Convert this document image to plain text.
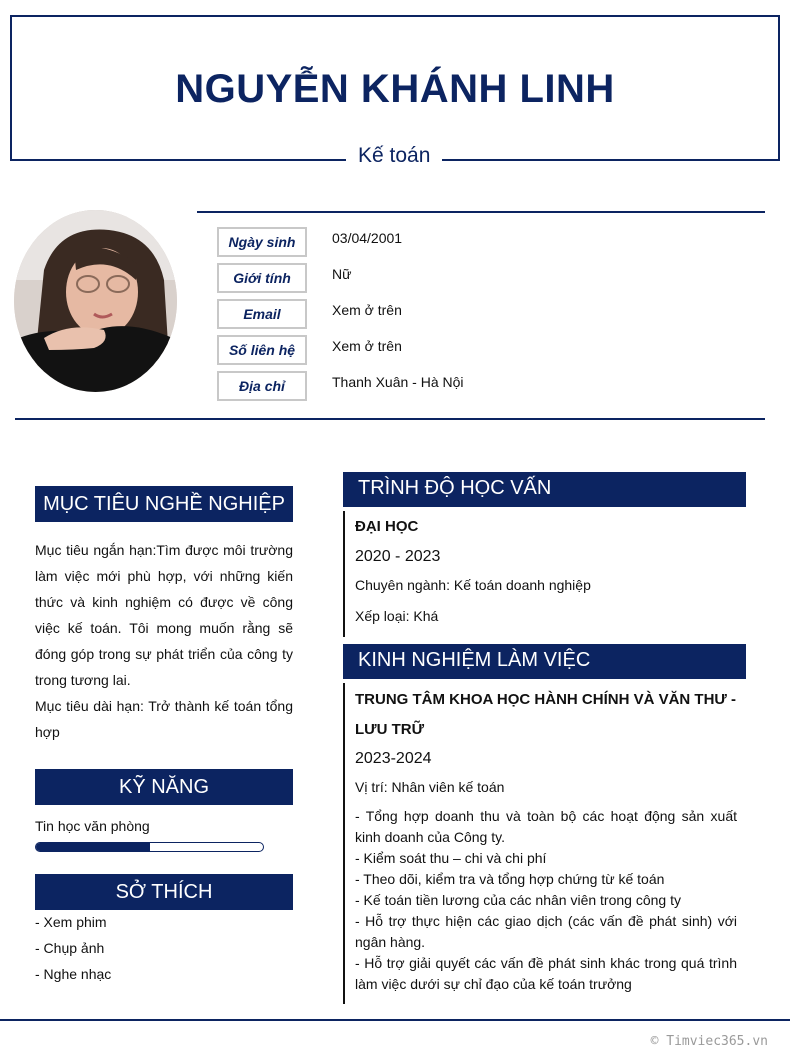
NGUYỄN KHÁNH LINH
Kế toán
Ngày sinh	03/04/2001
Giới tính	Nữ
Email	Xem ở trên
Số liên hệ	Xem ở trên
Địa chỉ	Thanh Xuân - Hà Nội
MỤC TIÊU NGHỀ NGHIỆP
Mục tiêu ngắn hạn:Tìm được môi trường làm việc mới phù hợp, với những kiến thức và kinh nghiệm có được về công việc kế toán. Tôi mong muốn rằng sẽ đóng góp trong sự phát triển của công ty trong tương lai.
Mục tiêu dài hạn: Trở thành kế toán tổng hợp
KỸ NĂNG
Tin học văn phòng
SỞ THÍCH
- Xem phim
- Chụp ảnh
- Nghe nhạc
TRÌNH ĐỘ HỌC VẤN
ĐẠI HỌC
2020 - 2023
Chuyên ngành: Kế toán doanh nghiệp
Xếp loại: Khá
KINH NGHIỆM LÀM VIỆC
TRUNG TÂM KHOA HỌC HÀNH CHÍNH VÀ VĂN THƯ - LƯU TRỮ
2023-2024
Vị trí: Nhân viên kế toán
- Tổng hợp doanh thu và toàn bộ các hoạt động sản xuất kinh doanh của Công ty.
- Kiểm soát thu – chi và chi phí
- Theo dõi, kiểm tra và tổng hợp chứng từ kế toán
- Kế toán tiền lương của các nhân viên trong công ty
- Hỗ trợ thực hiện các giao dịch (các vấn đề phát sinh) với ngân hàng.
- Hỗ trợ giải quyết các vấn đề phát sinh khác trong quá trình làm việc dưới sự chỉ đạo của kế toán trưởng
© Timviec365.vn
